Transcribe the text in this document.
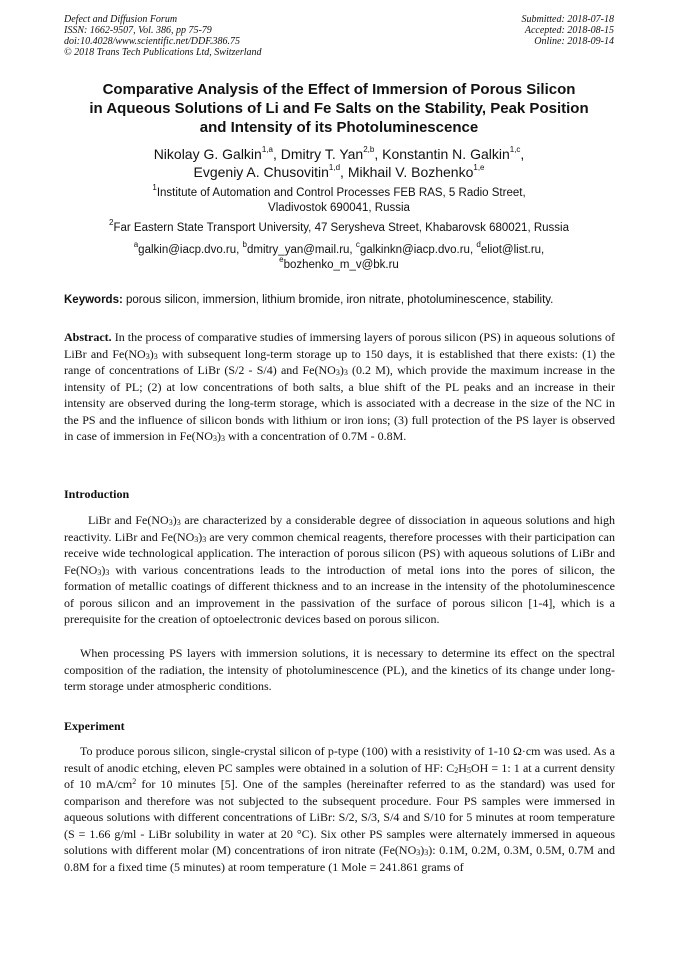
Defect and Diffusion Forum
ISSN: 1662-9507, Vol. 386, pp 75-79
doi:10.4028/www.scientific.net/DDF.386.75
© 2018 Trans Tech Publications Ltd, Switzerland
Submitted: 2018-07-18
Accepted: 2018-08-15
Online: 2018-09-14
Comparative Analysis of the Effect of Immersion of Porous Silicon
in Aqueous Solutions of Li and Fe Salts on the Stability, Peak Position
and Intensity of its Photoluminescence
Nikolay G. Galkin$^{1,a}$, Dmitry T. Yan$^{2,b}$, Konstantin N. Galkin$^{1,c}$,
Evgeniy A. Chusovitin$^{1,d}$, Mikhail V. Bozhenko$^{1,e}$
$^1$Institute of Automation and Control Processes FEB RAS, 5 Radio Street,
Vladivostok 690041, Russia
$^2$Far Eastern State Transport University, 47 Serysheva Street, Khabarovsk 680021, Russia
$^a$galkin@iacp.dvo.ru, $^b$dmitry_yan@mail.ru, $^c$galkinkn@iacp.dvo.ru, $^d$eliot@list.ru,
$^e$bozhenko_m_v@bk.ru
Keywords: porous silicon, immersion, lithium bromide, iron nitrate, photoluminescence, stability.
Abstract. In the process of comparative studies of immersing layers of porous silicon (PS) in aqueous solutions of LiBr and $Fe(NO_3)_3$ with subsequent long-term storage up to 150 days, it is established that there exists: (1) the range of concentrations of LiBr (S/2 - S/4) and $Fe(NO_3)_3$ (0.2 M), which provide the maximum increase in the intensity of PL; (2) at low concentrations of both salts, a blue shift of the PL peaks and an increase in their intensity are observed during the long-term storage, which is associated with a decrease in the size of the NC in the PS and the influence of silicon bonds with lithium or iron ions; (3) full protection of the PS layer is observed in case of immersion in $Fe(NO_3)_3$ with a concentration of 0.7M - 0.8M.
Introduction
LiBr and $Fe(NO_3)_3$ are characterized by a considerable degree of dissociation in aqueous solutions and high reactivity. LiBr and $Fe(NO_3)_3$ are very common chemical reagents, therefore processes with their participation can receive wide technological application. The interaction of porous silicon (PS) with aqueous solutions of LiBr and $Fe(NO_3)_3$ with various concentrations leads to the introduction of metal ions into the pores of silicon, the formation of metallic coatings of different thickness and to an increase in the intensity of the photoluminescence of porous silicon and an improvement in the passivation of the surface of porous silicon [1-4], which is a prerequisite for the creation of optoelectronic devices based on porous silicon.
When processing PS layers with immersion solutions, it is necessary to determine its effect on the spectral composition of the radiation, the intensity of photoluminescence (PL), and the kinetics of its change under long-term storage under atmospheric conditions.
Experiment
To produce porous silicon, single-crystal silicon of p-type (100) with a resistivity of 1-10 Ω·cm was used. As a result of anodic etching, eleven PC samples were obtained in a solution of HF: $C_2H_5OH = 1$: 1 at a current density of 10 $mA/cm^2$ for 10 minutes [5]. One of the samples (hereinafter referred to as the standard) was used for comparison and therefore was not subjected to the subsequent procedure. Four PS samples were immersed in aqueous solutions with different concentrations of LiBr: S/2, S/3, S/4 and S/10 for 5 minutes at room temperature (S = 1.66 g/ml - LiBr solubility in water at 20 °C). Six other PS samples were alternately immersed in aqueous solutions with different molar (M) concentrations of iron nitrate $(Fe(NO_3)_3)$: 0.1M, 0.2M, 0.3M, 0.5M, 0.7M and 0.8M for a fixed time (5 minutes) at room temperature (1 Mole = 241.861 grams of
